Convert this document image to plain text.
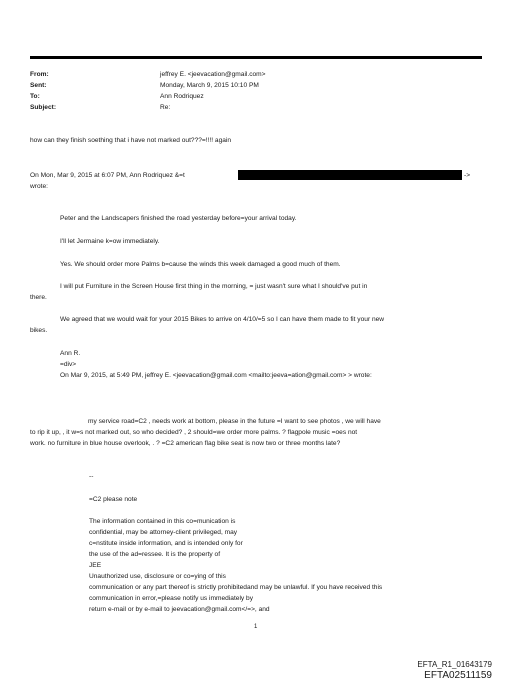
From:	jeffrey E. <jeevacation@gmail.com>
Sent:	Monday, March 9, 2015 10:10 PM
To:	Ann Rodriquez
Subject:	Re:
how can they finish soething that i have not marked out???=!!!! again
On Mon, Mar 9, 2015 at 6:07 PM, Ann Rodriquez &=t	->
wrote:
Peter and the Landscapers finished the road yesterday before=your arrival today.
I'll let Jermaine k=ow immediately.
Yes. We should order more Palms b=cause the winds this week damaged a good much of them.
I will put Furniture in the Screen House first thing in the morning, = just wasn't sure what I should've put in
there.
We agreed that we would wait for your 2015 Bikes to arrive on 4/10/=5 so I can have them made to fit your new
bikes.
Ann R.
=div>
On Mar 9, 2015, at 5:49 PM, jeffrey E. <jeevacation@gmail.com <mailto:jeeva=ation@gmail.com> > wrote:
my service road=C2 , needs work at bottom, please in the future =I want to see photos , we will have
to rip it up, , it w=s not marked out, so who decided? , 2 should=we order more palms. ? flagpole music =oes not
work. no furniture in blue house overlook, . ? =C2 american flag bike seat is now two or three months late?
--
=C2 please note
The information contained in this co=munication is
confidential, may be attorney-client privileged, may
c=nstitute inside information, and is intended only for
the use of the ad=ressee. It is the property of
JEE
Unauthorized use, disclosure or co=ying of this
communication or any part thereof is strictly prohibitedand may be unlawful. If you have received this
communication in error,=please notify us immediately by
return e-mail or by e-mail to jeevacation@gmail.com</=>, and
1
EFTA_R1_01643179
EFTA02511159
